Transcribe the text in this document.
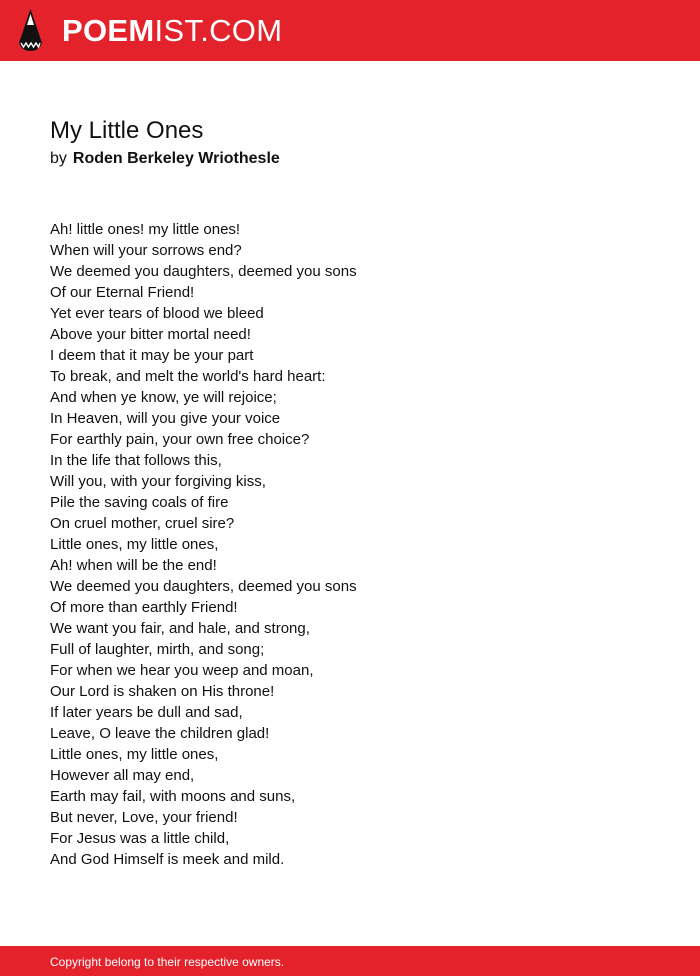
POEMIST.COM
My Little Ones
by Roden Berkeley Wriothesle
Ah! little ones! my little ones!
When will your sorrows end?
We deemed you daughters, deemed you sons
Of our Eternal Friend!
Yet ever tears of blood we bleed
Above your bitter mortal need!
I deem that it may be your part
To break, and melt the world's hard heart:
And when ye know, ye will rejoice;
In Heaven, will you give your voice
For earthly pain, your own free choice?
In the life that follows this,
Will you, with your forgiving kiss,
Pile the saving coals of fire
On cruel mother, cruel sire?
Little ones, my little ones,
Ah! when will be the end!
We deemed you daughters, deemed you sons
Of more than earthly Friend!
We want you fair, and hale, and strong,
Full of laughter, mirth, and song;
For when we hear you weep and moan,
Our Lord is shaken on His throne!
If later years be dull and sad,
Leave, O leave the children glad!
Little ones, my little ones,
However all may end,
Earth may fail, with moons and suns,
But never, Love, your friend!
For Jesus was a little child,
And God Himself is meek and mild.
Copyright belong to their respective owners.
